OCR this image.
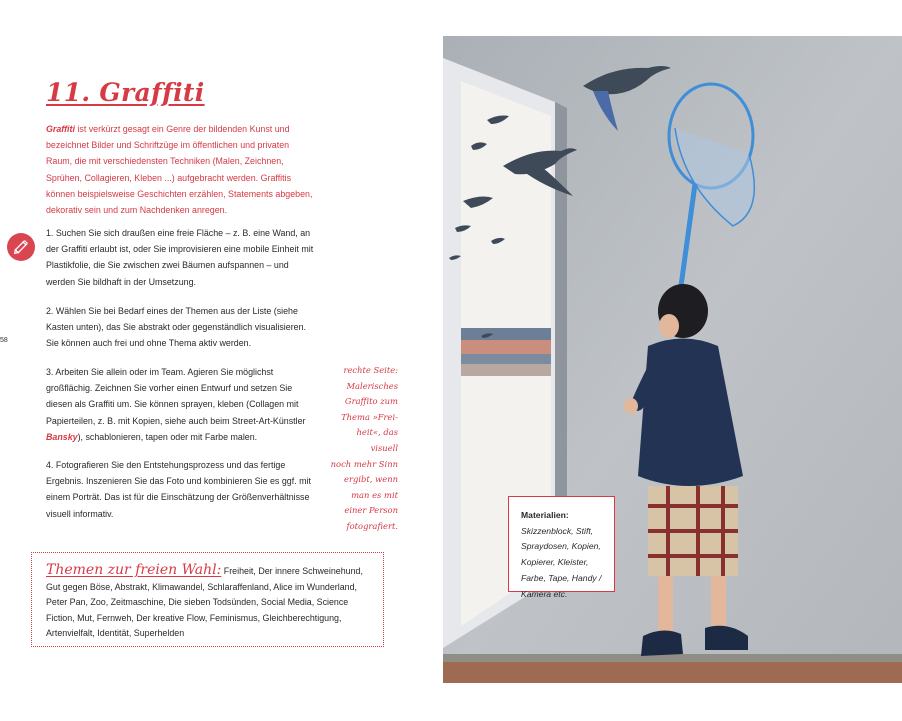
11. Graffiti

Graffiti ist verkürzt gesagt ein Genre der bildenden Kunst und bezeichnet Bilder und Schriftzüge im öffentlichen und privaten Raum, die mit verschiedensten Techniken (Malen, Zeichnen, Sprühen, Collagieren, Kleben ...) aufgebracht werden. Graffitis können beispielsweise Geschichten erzählen, Statements abgeben, dekorativ sein und zum Nachdenken anregen.

1. Suchen Sie sich draußen eine freie Fläche – z. B. eine Wand, an der Graffiti erlaubt ist, oder Sie improvisieren eine mobile Einheit mit Plastikfolie, die Sie zwischen zwei Bäumen aufspannen – und werden Sie bildhaft in der Umsetzung.

2. Wählen Sie bei Bedarf eines der Themen aus der Liste (siehe Kasten unten), das Sie abstrakt oder gegenständlich visualisieren. Sie können auch frei und ohne Thema aktiv werden.

3. Arbeiten Sie allein oder im Team. Agieren Sie möglichst großflächig. Zeichnen Sie vorher einen Entwurf und setzen Sie diesen als Graffiti um. Sie können sprayen, kleben (Collagen mit Papierteilen, z. B. mit Kopien, siehe auch beim Street-Art-Künstler Bansky), schablonieren, tapen oder mit Farbe malen.

4. Fotografieren Sie den Entstehungsprozess und das fertige Ergebnis. Inszenieren Sie das Foto und kombinieren Sie es ggf. mit einem Porträt. Das ist für die Einschätzung der Größenverhältnisse visuell informativ.

58
rechte Seite:
Malerisches
Graffito zum
Thema »Frei-
heit«, das visuell
noch mehr Sinn
ergibt, wenn
man es mit
einer Person
fotografiert.
Themen zur freien Wahl: Freiheit, Der innere Schweinehund, Gut gegen Böse, Abstrakt, Klimawandel, Schlaraffenland, Alice im Wunderland, Peter Pan, Zoo, Zeitmaschine, Die sieben Todsünden, Social Media, Science Fiction, Mut, Fernweh, Der kreative Flow, Feminismus, Gleichberechtigung, Artenvielfalt, Identität, Superhelden
Materialien: Skizzenblock, Stift, Spraydosen, Kopien, Kopierer, Kleister, Farbe, Tape, Handy / Kamera etc.
